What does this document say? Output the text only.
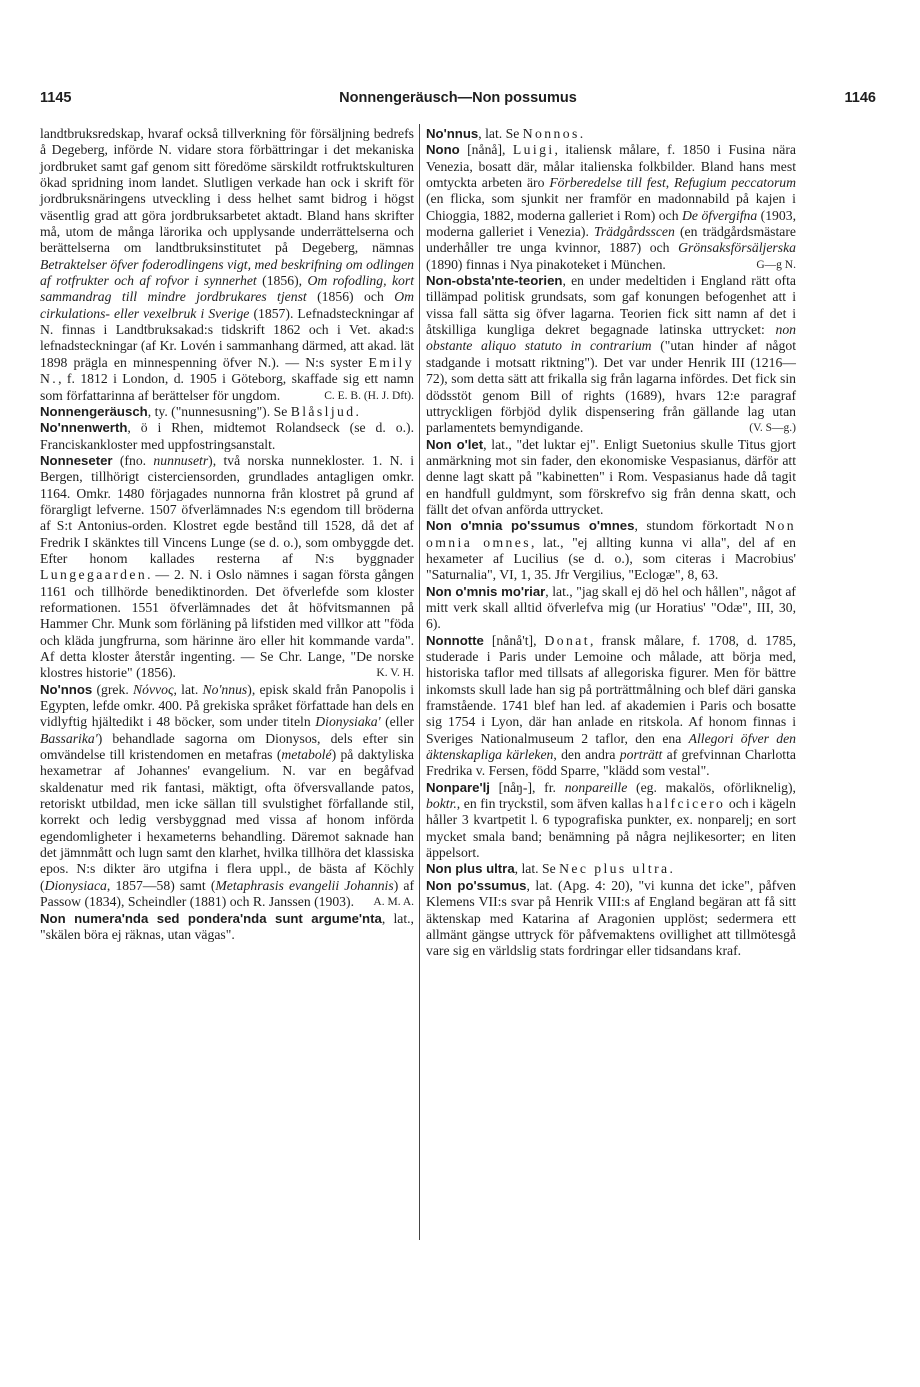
1145	Nonnengeräusch—Non possumus	1146

landtbruksredskap, hvaraf också tillverkning för försäljning bedrefs å Degeberg, införde N. vidare stora förbättringar i det mekaniska jordbruket samt gaf genom sitt föredöme särskildt rotfruktskulturen ökad spridning inom landet. Slutligen verkade han ock i skrift för jordbruksnäringens utveckling i dess helhet samt bidrog i högst väsentlig grad att göra jordbruksarbetet aktadt. Bland hans skrifter må, utom de många lärorika och upplysande underrättelserna och berättelserna om landtbruksinstitutet på Degeberg, nämnas Betraktelser öfver foderodlingens vigt, med beskrifning om odlingen af rotfrukter och af rofvor i synnerhet (1856), Om rofodling, kort sammandrag till mindre jordbrukares tjenst (1856) och Om cirkulations- eller vexelbruk i Sverige (1857). Lefnadsteckningar af N. finnas i Landtbruksakad:s tidskrift 1862 och i Vet. akad:s lefnadsteckningar (af Kr. Lovén i sammanhang därmed, att akad. lät 1898 prägla en minnespenning öfver N.). — N:s syster Emily N., f. 1812 i London, d. 1905 i Göteborg, skaffade sig ett namn som författarinna af berättelser för ungdom.	C. E. B. (H. J. Dft).

Nonnengeräusch, ty. ("nunnesusning"). Se Blåsljud.

No'nnenwerth, ö i Rhen, midtemot Rolandseck (se d. o.). Franciskankloster med uppfostringsanstalt.

Nonneseter (fno. nunnusetr), två norska nunnekloster. 1. N. i Bergen, tillhörigt cisterciensorden, grundlades antagligen omkr. 1164. Omkr. 1480 förjagades nunnorna från klostret på grund af förargligt lefverne. 1507 öfverlämnades N:s egendom till bröderna af S:t Antonius-orden. Klostret egde bestånd till 1528, då det af Fredrik I skänktes till Vincens Lunge (se d. o.), som ombyggde det. Efter honom kallades resterna af N:s byggnader Lungegaarden. — 2. N. i Oslo nämnes i sagan första gången 1161 och tillhörde benediktinorden. Det öfverlefde som kloster reformationen. 1551 öfverlämnades det åt höfvitsmannen på Hammer Chr. Munk som förläning på lifstiden med villkor att "föda och kläda jungfrurna, som härinne äro eller hit kommande varda". Af detta kloster återstår ingenting. — Se Chr. Lange, "De norske klostres historie" (1856).	K. V. H.

No'nnos (grek. Nόννος, lat. No'nnus), episk skald från Panopolis i Egypten, lefde omkr. 400. På grekiska språket författade han dels en vidlyftig hjältedikt i 48 böcker, som under titeln Dionysiaka' (eller Bassarika') behandlade sagorna om Dionysos, dels efter sin omvändelse till kristendomen en metafras (metabolé) på daktyliska hexametrar af Johannes' evangelium. N. var en begåfvad skaldenatur med rik fantasi, mäktigt, ofta öfversvallande patos, retoriskt utbildad, men icke sällan till svulstighet förfallande stil, korrekt och ledig versbyggnad med vissa af honom införda egendomligheter i hexameterns behandling. Däremot saknade han det jämnmått och lugn samt den klarhet, hvilka tillhöra det klassiska epos. N:s dikter äro utgifna i flera uppl., de bästa af Köchly (Dionysiaca, 1857—58) samt (Metaphrasis evangelii Johannis) af Passow (1834), Scheindler (1881) och R. Janssen (1903). A. M. A.

Non numera'nda sed pondera'nda sunt argume'nta, lat., "skälen böra ej räknas, utan vägas".

No'nnus, lat. Se Nonnos.

Nono [nånå], Luigi, italiensk målare, f. 1850 i Fusina nära Venezia, bosatt där, målar italienska folkbilder. Bland hans mest omtyckta arbeten äro Förberedelse till fest, Refugium peccatorum (en flicka, som sjunkit ner framför en madonnabild på kajen i Chioggia, 1882, moderna galleriet i Rom) och De öfvergifna (1903, moderna galleriet i Venezia). Trädgårdsscen (en trädgårdsmästare underhåller tre unga kvinnor, 1887) och Grönsaksförsäljerska (1890) finnas i Nya pinakoteket i München.	G—g N.

Non-obsta'nte-teorien, en under medeltiden i England rätt ofta tillämpad politisk grundsats, som gaf konungen befogenhet att i vissa fall sätta sig öfver lagarna. Teorien fick sitt namn af det i åtskilliga kungliga dekret begagnade latinska uttrycket: non obstante aliquo statuto in contrarium ("utan hinder af något stadgande i motsatt riktning"). Det var under Henrik III (1216—72), som detta sätt att frikalla sig från lagarna infördes. Det fick sin dödsstöt genom Bill of rights (1689), hvars 12:e paragraf uttryckligen förbjöd dylik dispensering från gällande lag utan parlamentets bemyndigande.	(V. S—g.)

Non o'let, lat., "det luktar ej". Enligt Suetonius skulle Titus gjort anmärkning mot sin fader, den ekonomiske Vespasianus, därför att denne lagt skatt på "kabinetten" i Rom. Vespasianus hade då tagit en handfull guldmynt, som förskrefvo sig från denna skatt, och fällt det ofvan anförda uttrycket.

Non o'mnia po'ssumus o'mnes, stundom förkortadt Non omnia omnes, lat., "ej allting kunna vi alla", del af en hexameter af Lucilius (se d. o.), som citeras i Macrobius' "Saturnalia", VI, 1, 35. Jfr Vergilius, "Eclogæ", 8, 63.

Non o'mnis mo'riar, lat., "jag skall ej dö hel och hållen", något af mitt verk skall alltid öfverlefva mig (ur Horatius' "Odæ", III, 30, 6).

Nonnotte [nånå't], Donat, fransk målare, f. 1708, d. 1785, studerade i Paris under Lemoine och målade, att börja med, historiska taflor med tillsats af allegoriska figurer. Men för bättre inkomsts skull lade han sig på porträttmålning och blef däri ganska framstående. 1741 blef han led. af akademien i Paris och bosatte sig 1754 i Lyon, där han anlade en ritskola. Af honom finnas i Sveriges Nationalmuseum 2 taflor, den ena Allegori öfver den äktenskapliga kärleken, den andra porträtt af grefvinnan Charlotta Fredrika v. Fersen, född Sparre, "klädd som vestal".

Nonpare'lj [nåŋ-], fr. nonpareille (eg. makalös, oförliknelig), boktr., en fin tryckstil, som äfven kallas halfcicero och i kägeln håller 3 kvartpetit l. 6 typografiska punkter, ex. nonparelj; en sort mycket smala band; benämning på några nejlikesorter; en liten äppelsort.

Non plus ultra, lat. Se Nec plus ultra.

Non po'ssumus, lat. (Apg. 4: 20), "vi kunna det icke", påfven Klemens VII:s svar på Henrik VIII:s af England begäran att få sitt äktenskap med Katarina af Aragonien upplöst; sedermera ett allmänt gängse uttryck för påfvemaktens ovillighet att tillmötesgå vare sig en världslig stats fordringar eller tidsandans kraf.
